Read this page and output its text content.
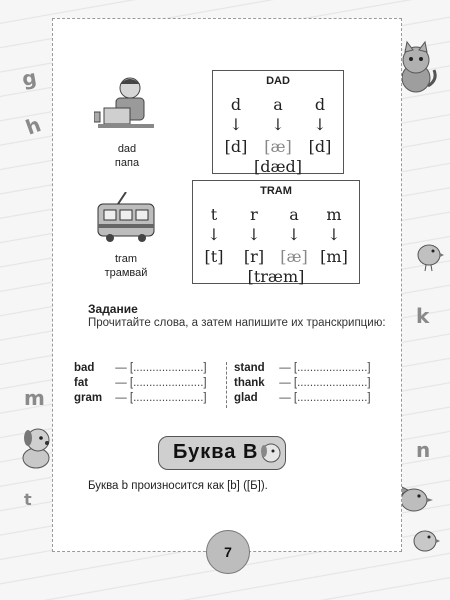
g
h
k
m
n
t
dad
папа
DAD
d	a	d
↓	↓	↓
[d] [æ] [d]
[dæd]
tram
трамвай
TRAM
t	r	a	m
↓	↓	↓	↓
[t]	[r]	[æ] [m]
[træm]
Задание
Прочитайте слова, а затем напишите их транскрипцию:
bad — [......................]
fat — [......................]
gram — [......................]
stand — [......................]
thank — [......................]
glad — [......................]
Буква B
Буква b произносится как [b] ([Б]).
7
